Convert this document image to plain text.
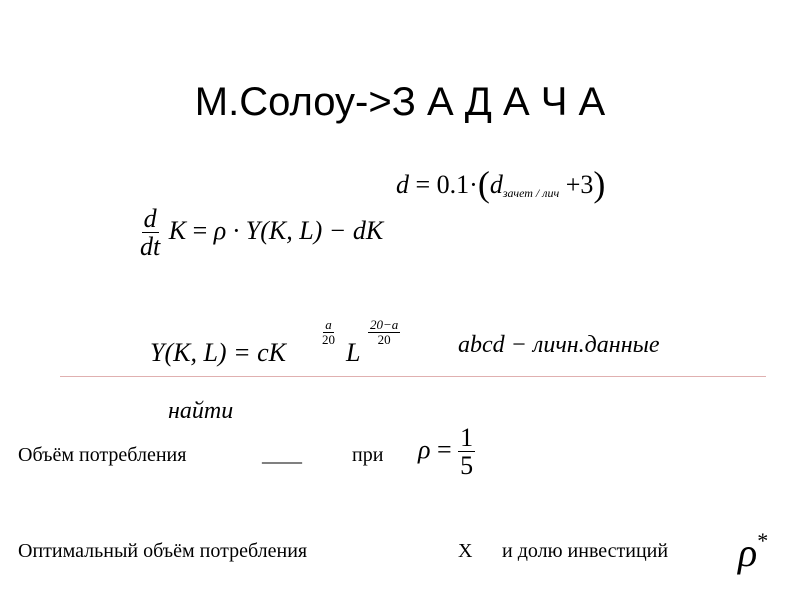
М.Солоу->З А Д А Ч А
$d = 0.1\cdot(d_{зачет / лич} +3)$
$\frac{d}{dt}$ K = ρ · Y(K, L) − dK
Y(K, L) = cK
$\frac{a}{20}$
L
$\frac{20-a}{20}$ abcd − личн.данные
найти
Объём потребления	____	при $\rho = \frac{1}{5}$
Оптимальный объём потребления	X и долю инвестиций ρ*
